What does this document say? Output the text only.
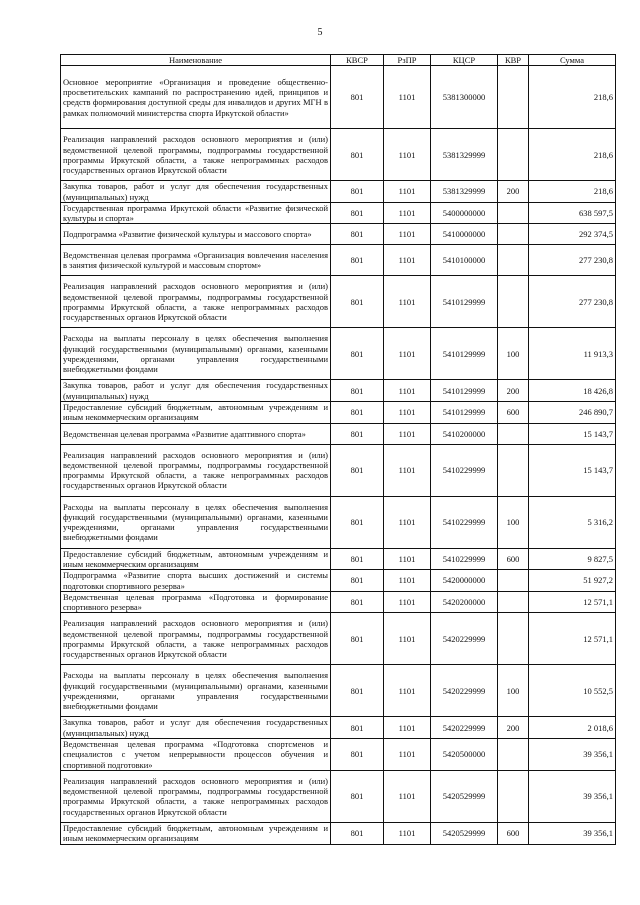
5
Наименование	КВСР	РзПР	КЦСР	КВР	Сумма
Основное мероприятие «Организация и проведение общественно-просветительских кампаний по распространению идей, принципов и средств формирования доступной среды для инвалидов и других МГН в рамках полномочий министерства спорта Иркутской области»	801	1101	5381300000		218,6
Реализация направлений расходов основного мероприятия и (или) ведомственной целевой программы, подпрограммы государственной программы Иркутской области, а также непрограммных расходов государственных органов Иркутской области	801	1101	5381329999		218,6
Закупка товаров, работ и услуг для обеспечения государственных (муниципальных) нужд	801	1101	5381329999	200	218,6
Государственная программа Иркутской области «Развитие физической культуры и спорта»	801	1101	5400000000		638 597,5
Подпрограмма «Развитие физической культуры и массового спорта»	801	1101	5410000000		292 374,5
Ведомственная целевая программа «Организация вовлечения населения в занятия физической культурой и массовым спортом»	801	1101	5410100000		277 230,8
Реализация направлений расходов основного мероприятия и (или) ведомственной целевой программы, подпрограммы государственной программы Иркутской области, а также непрограммных расходов государственных органов Иркутской области	801	1101	5410129999		277 230,8
Расходы на выплаты персоналу в целях обеспечения выполнения функций государственными (муниципальными) органами, казенными учреждениями, органами управления государственными внебюджетными фондами	801	1101	5410129999	100	11 913,3
Закупка товаров, работ и услуг для обеспечения государственных (муниципальных) нужд	801	1101	5410129999	200	18 426,8
Предоставление субсидий бюджетным, автономным учреждениям и иным некоммерческим организациям	801	1101	5410129999	600	246 890,7
Ведомственная целевая программа «Развитие адаптивного спорта»	801	1101	5410200000		15 143,7
Реализация направлений расходов основного мероприятия и (или) ведомственной целевой программы, подпрограммы государственной программы Иркутской области, а также непрограммных расходов государственных органов Иркутской области	801	1101	5410229999		15 143,7
Расходы на выплаты персоналу в целях обеспечения выполнения функций государственными (муниципальными) органами, казенными учреждениями, органами управления государственными внебюджетными фондами	801	1101	5410229999	100	5 316,2
Предоставление субсидий бюджетным, автономным учреждениям и иным некоммерческим организациям	801	1101	5410229999	600	9 827,5
Подпрограмма «Развитие спорта высших достижений и системы подготовки спортивного резерва»	801	1101	5420000000		51 927,2
Ведомственная целевая программа «Подготовка и формирование спортивного резерва»	801	1101	5420200000		12 571,1
Реализация направлений расходов основного мероприятия и (или) ведомственной целевой программы, подпрограммы государственной программы Иркутской области, а также непрограммных расходов государственных органов Иркутской области	801	1101	5420229999		12 571,1
Расходы на выплаты персоналу в целях обеспечения выполнения функций государственными (муниципальными) органами, казенными учреждениями, органами управления государственными внебюджетными фондами	801	1101	5420229999	100	10 552,5
Закупка товаров, работ и услуг для обеспечения государственных (муниципальных) нужд	801	1101	5420229999	200	2 018,6
Ведомственная целевая программа «Подготовка спортсменов и специалистов с учетом непрерывности процессов обучения и спортивной подготовки»	801	1101	5420500000		39 356,1
Реализация направлений расходов основного мероприятия и (или) ведомственной целевой программы, подпрограммы государственной программы Иркутской области, а также непрограммных расходов государственных органов Иркутской области	801	1101	5420529999		39 356,1
Предоставление субсидий бюджетным, автономным учреждениям и иным некоммерческим организациям	801	1101	5420529999	600	39 356,1
